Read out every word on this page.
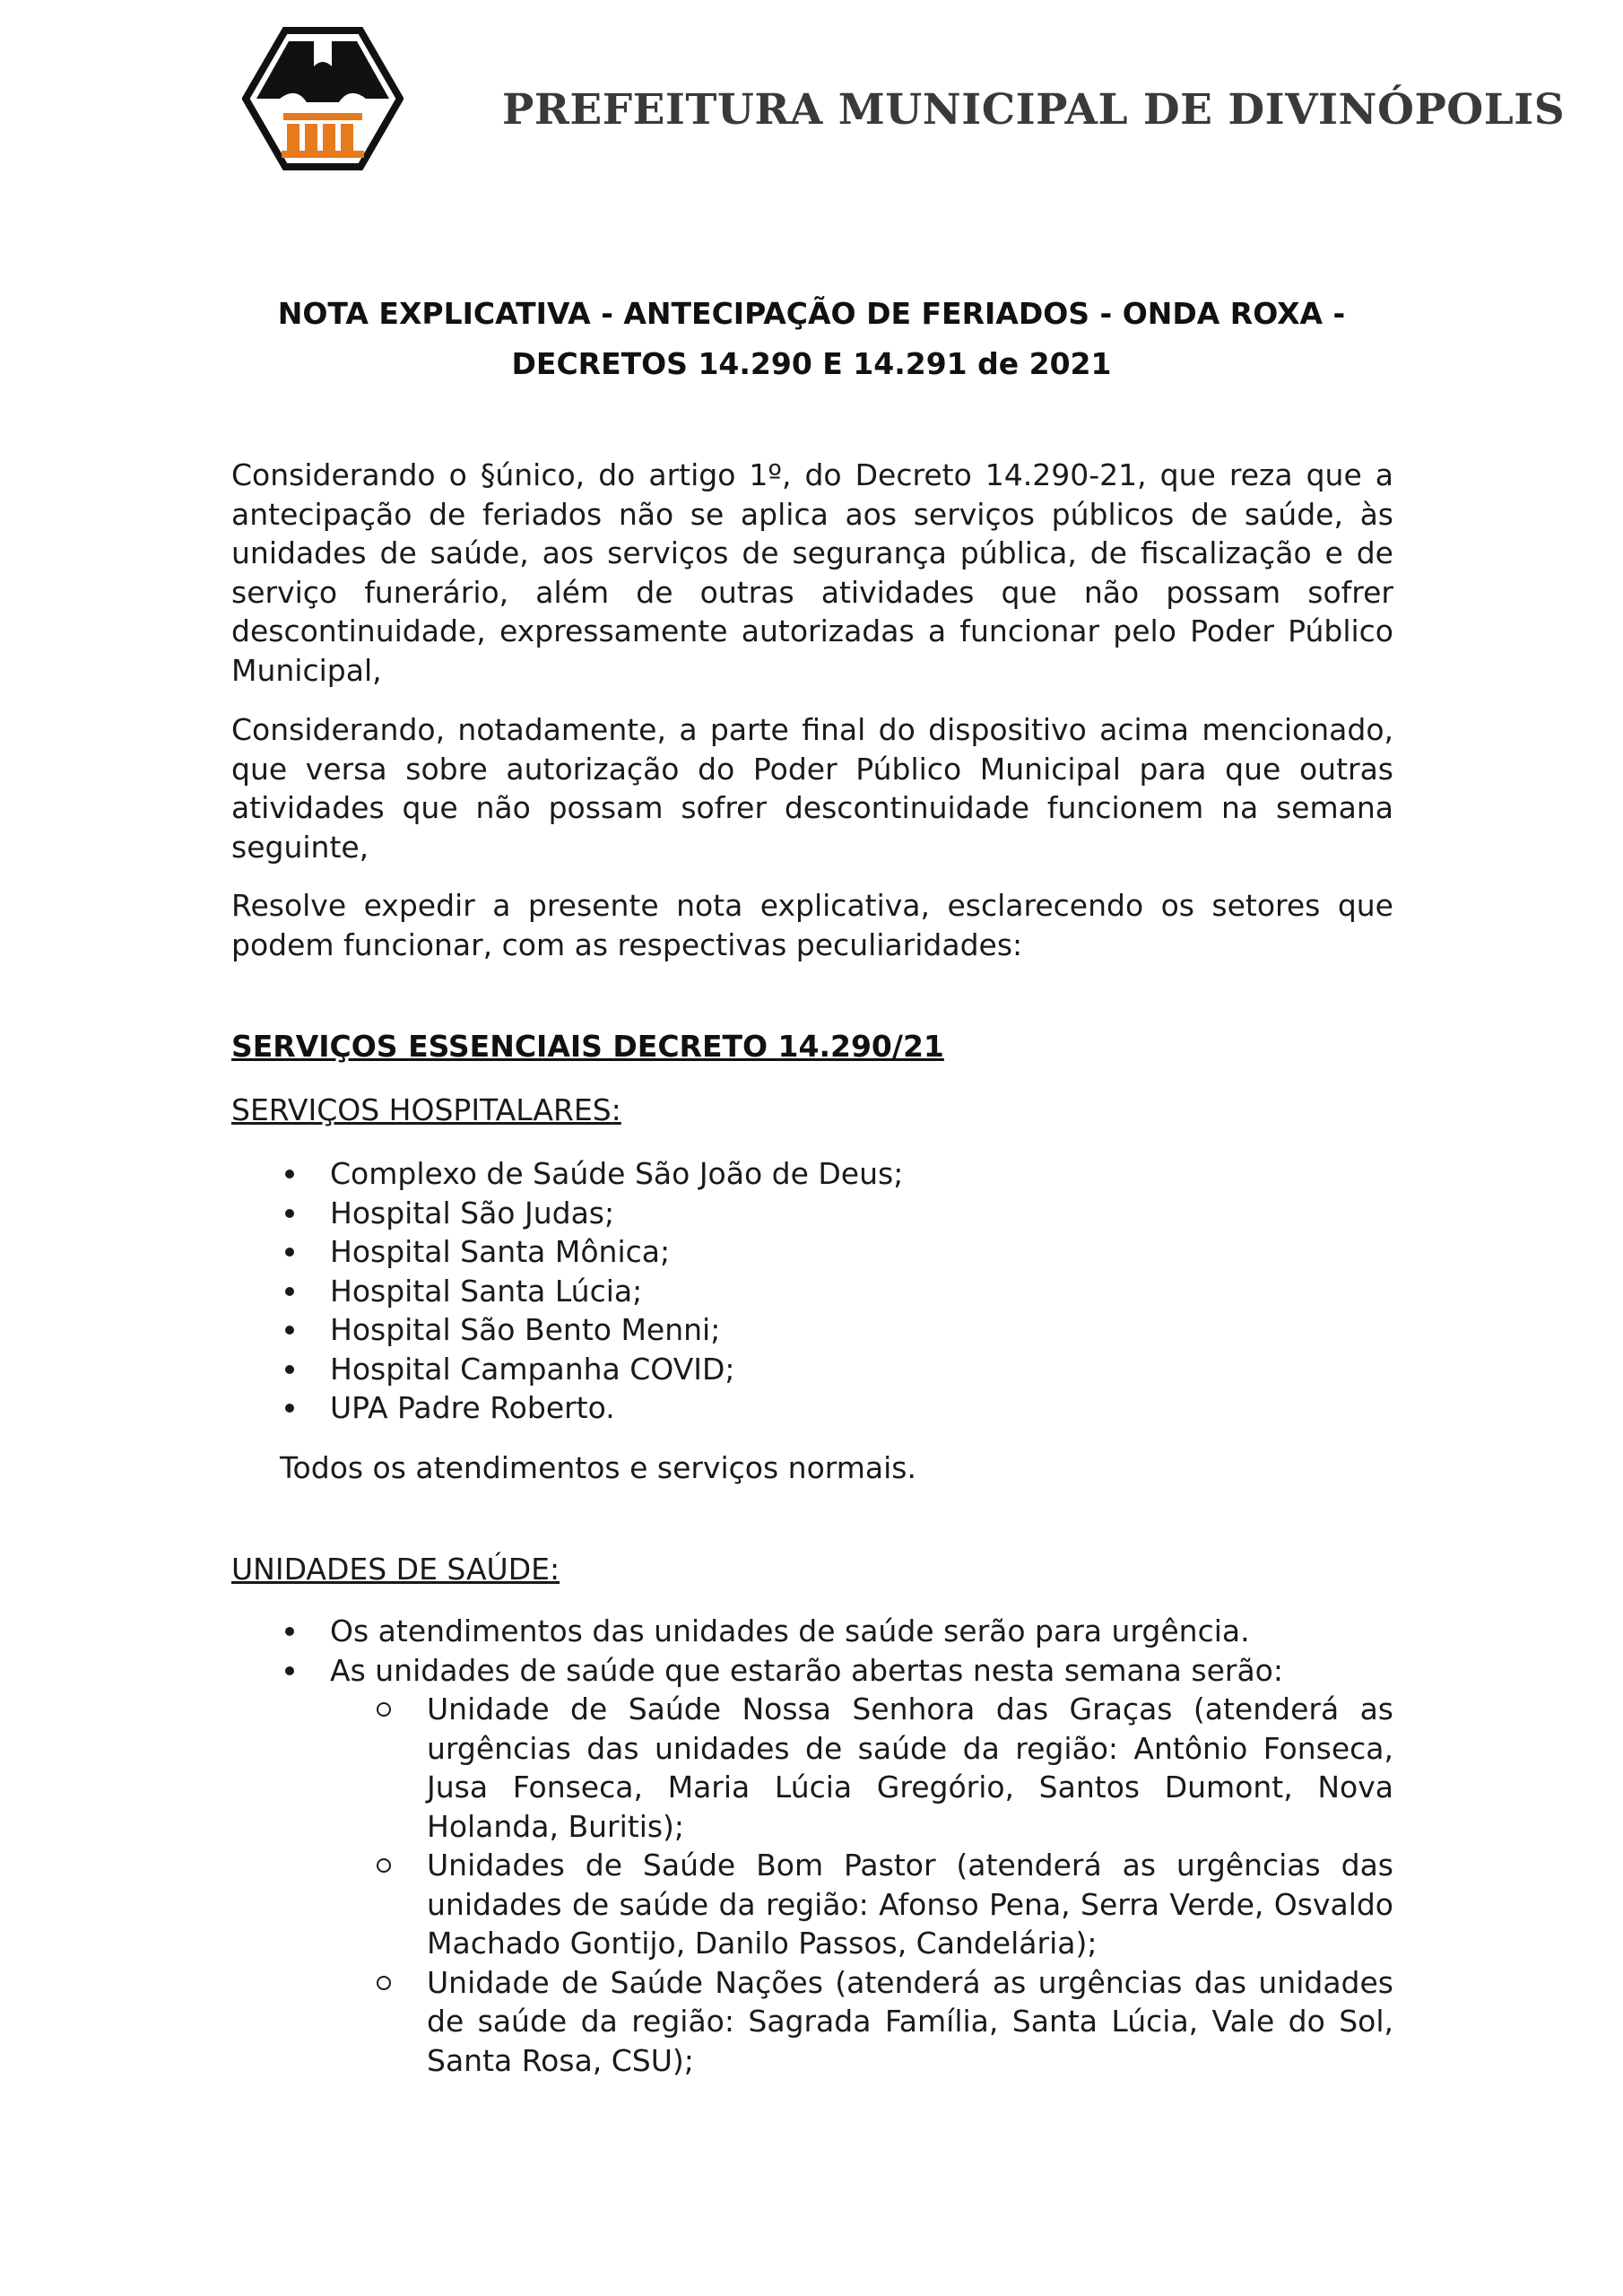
PREFEITURA MUNICIPAL DE DIVINÓPOLIS
NOTA EXPLICATIVA - ANTECIPAÇÃO DE FERIADOS - ONDA ROXA -
DECRETOS 14.290 E 14.291 de 2021

Considerando o §único, do artigo 1º, do Decreto 14.290-21, que reza que a antecipação de feriados não se aplica aos serviços públicos de saúde, às unidades de saúde, aos serviços de segurança pública, de fiscalização e de serviço funerário, além de outras atividades que não possam sofrer descontinuidade, expressamente autorizadas a funcionar pelo Poder Público Municipal,

Considerando, notadamente, a parte final do dispositivo acima mencionado, que versa sobre autorização do Poder Público Municipal para que outras atividades que não possam sofrer descontinuidade funcionem na semana seguinte,

Resolve expedir a presente nota explicativa, esclarecendo os setores que podem funcionar, com as respectivas peculiaridades:

SERVIÇOS ESSENCIAIS DECRETO 14.290/21
SERVIÇOS HOSPITALARES:
Complexo de Saúde São João de Deus;
Hospital São Judas;
Hospital Santa Mônica;
Hospital Santa Lúcia;
Hospital São Bento Menni;
Hospital Campanha COVID;
UPA Padre Roberto.
Todos os atendimentos e serviços normais.
UNIDADES DE SAÚDE:
Os atendimentos das unidades de saúde serão para urgência.
As unidades de saúde que estarão abertas nesta semana serão:
Unidade de Saúde Nossa Senhora das Graças (atenderá as urgências das unidades de saúde da região: Antônio Fonseca, Jusa Fonseca, Maria Lúcia Gregório, Santos Dumont, Nova Holanda, Buritis);
Unidades de Saúde Bom Pastor (atenderá as urgências das unidades de saúde da região: Afonso Pena, Serra Verde, Osvaldo Machado Gontijo, Danilo Passos, Candelária);
Unidade de Saúde Nações (atenderá as urgências das unidades de saúde da região: Sagrada Família, Santa Lúcia, Vale do Sol, Santa Rosa, CSU);
